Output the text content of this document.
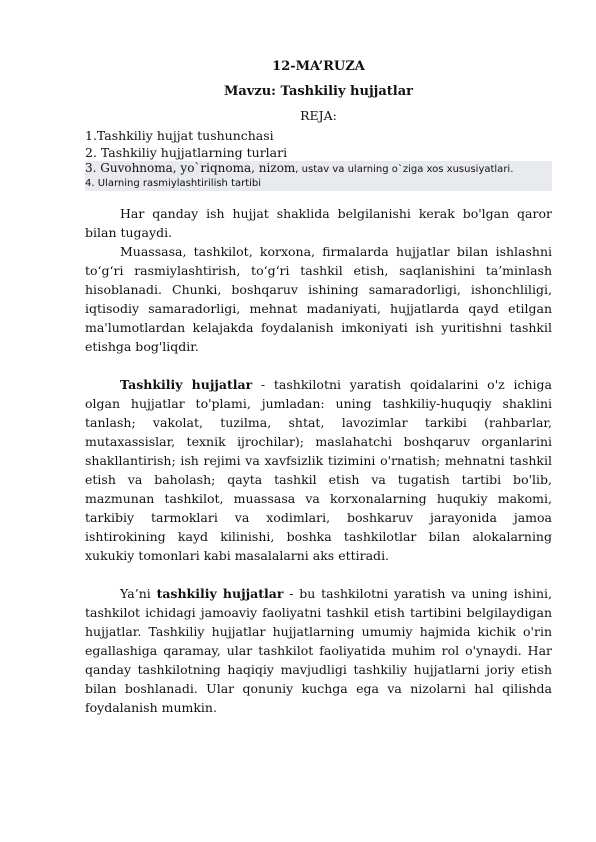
12-MA’RUZA

Mavzu: Tashkiliy hujjatlar

REJA:

1.Tashkiliy hujjat tushunchasi

2. Tashkiliy hujjatlarning turlari

3. Guvohnoma, yo`riqnoma, nizom, ustav va ularning o`ziga xos xususiyatlari.

4. Ularning rasmiylashtirilish tartibi

Har qanday ish hujjat shaklida belgilanishi kerak bo'lgan qaror bilan tugaydi.

Muassasa, tashkilot, korxona, firmalarda hujjatlar bilan ishlashni to‘g‘ri rasmiylashtirish, to‘g‘ri tashkil etish, saqlanishini ta’minlash hisoblanadi. Chunki, boshqaruv ishining samaradorligi, ishonchliligi, iqtisodiy samaradorligi, mehnat madaniyati, hujjatlarda qayd etilgan ma'lumotlardan kelajakda foydalanish imkoniyati ish yuritishni tashkil etishga bog'liqdir.

Tashkiliy hujjatlar - tashkilotni yaratish qoidalarini o'z ichiga olgan hujjatlar to'plami, jumladan: uning tashkiliy-huquqiy shaklini tanlash; vakolat, tuzilma, shtat, lavozimlar tarkibi (rahbarlar, mutaxassislar, texnik ijrochilar); maslahatchi boshqaruv organlarini shakllantirish; ish rejimi va xavfsizlik tizimini o'rnatish; mehnatni tashkil etish va baholash; qayta tashkil etish va tugatish tartibi bo'lib, mazmunan tashkilot, muassasa va korxonalarning huqukiy makomi, tarkibiy tarmoklari va xodimlari, boshkaruv jarayonida jamoa ishtirokining kayd kilinishi, boshka tashkilotlar bilan alokalarning xukukiy tomonlari kabi masalalarni aks ettiradi.

Ya’ni tashkiliy hujjatlar - bu tashkilotni yaratish va uning ishini, tashkilot ichidagi jamoaviy faoliyatni tashkil etish tartibini belgilaydigan hujjatlar. Tashkiliy hujjatlar hujjatlarning umumiy hajmida kichik o'rin egallashiga qaramay, ular tashkilot faoliyatida muhim rol o'ynaydi. Har qanday tashkilotning haqiqiy mavjudligi tashkiliy hujjatlarni joriy etish bilan boshlanadi. Ular qonuniy kuchga ega va nizolarni hal qilishda foydalanish mumkin.
